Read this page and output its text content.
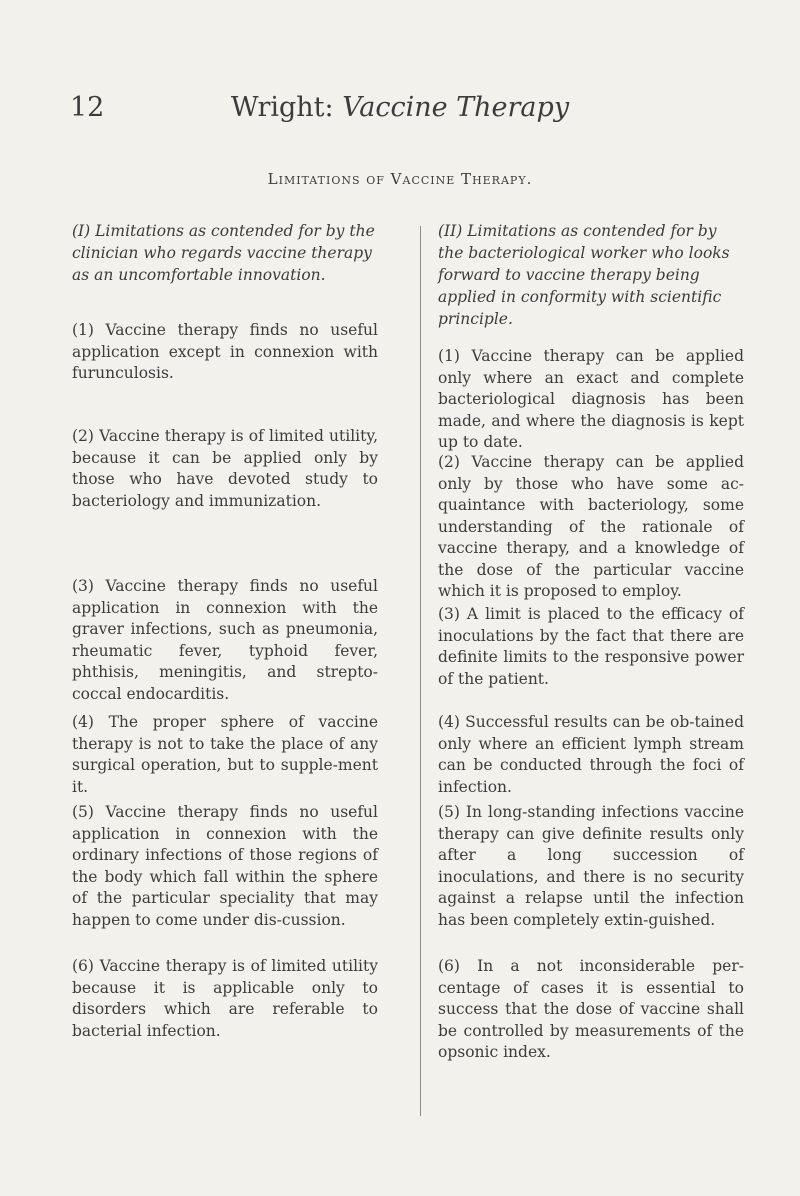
12	Wright: Vaccine Therapy
Limitations of Vaccine Therapy.

(I) Limitations as contended for by the clinician who regards vaccine therapy as an uncomfortable innovation.

(1) Vaccine therapy finds no useful application except in connexion with furunculosis.

(2) Vaccine therapy is of limited utility, because it can be applied only by those who have devoted study to bacteriology and immunization.

(3) Vaccine therapy finds no useful application in connexion with the graver infections, such as pneumonia, rheumatic fever, typhoid fever, phthisis, meningitis, and strepto-coccal endocarditis.

(4) The proper sphere of vaccine therapy is not to take the place of any surgical operation, but to supple-ment it.

(5) Vaccine therapy finds no useful application in connexion with the ordinary infections of those regions of the body which fall within the sphere of the particular speciality that may happen to come under dis-cussion.

(6) Vaccine therapy is of limited utility because it is applicable only to disorders which are referable to bacterial infection.

(II) Limitations as contended for by the bacteriological worker who looks forward to vaccine therapy being applied in conformity with scientific principle.

(1) Vaccine therapy can be applied only where an exact and complete bacteriological diagnosis has been made, and where the diagnosis is kept up to date.

(2) Vaccine therapy can be applied only by those who have some ac-quaintance with bacteriology, some understanding of the rationale of vaccine therapy, and a knowledge of the dose of the particular vaccine which it is proposed to employ.

(3) A limit is placed to the efficacy of inoculations by the fact that there are definite limits to the responsive power of the patient.

(4) Successful results can be ob-tained only where an efficient lymph stream can be conducted through the foci of infection.

(5) In long-standing infections vaccine therapy can give definite results only after a long succession of inoculations, and there is no security against a relapse until the infection has been completely extin-guished.

(6) In a not inconsiderable per-centage of cases it is essential to success that the dose of vaccine shall be controlled by measurements of the opsonic index.
